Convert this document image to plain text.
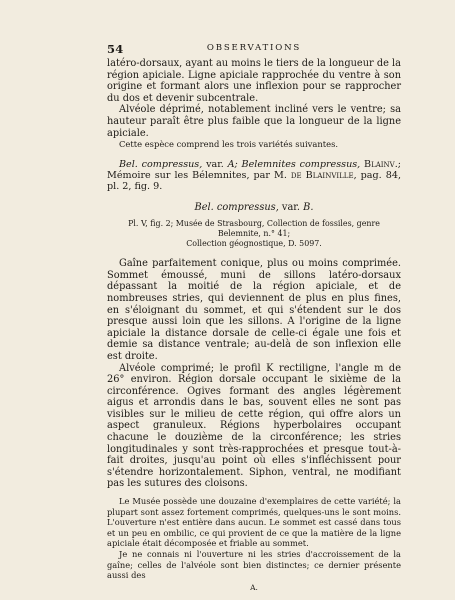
54	OBSERVATIONS

latéro-dorsaux, ayant au moins le tiers de la longueur de la région apiciale. Ligne apiciale rapprochée du ventre à son origine et formant alors une inflexion pour se rapprocher du dos et devenir subcentrale.

Alvéole déprimé, notablement incliné vers le ventre; sa hauteur paraît être plus faible que la longueur de la ligne apiciale.

Cette espèce comprend les trois variétés suivantes.

Bel. compressus, var. A; Belemnites compressus, Blainv.; Mémoire sur les Bélemnites, par M. de Blainville, pag. 84, pl. 2, fig. 9.

Bel. compressus, var. B.

Pl. V, fig. 2; Musée de Strasbourg, Collection de fossiles, genre Belemnite, n.° 41;

Collection géognostique, D. 5097.

Gaîne parfaitement conique, plus ou moins comprimée. Sommet émoussé, muni de sillons latéro-dorsaux dépassant la moitié de la région apiciale, et de nombreuses stries, qui deviennent de plus en plus fines, en s'éloignant du sommet, et qui s'étendent sur le dos presque aussi loin que les sillons. A l'origine de la ligne apiciale la distance dorsale de celle-ci égale une fois et demie sa distance ventrale; au-delà de son inflexion elle est droite.

Alvéole comprimé; le profil K rectiligne, l'angle m de 26° environ. Région dorsale occupant le sixième de la circonférence. Ogives formant des angles légèrement aigus et arrondis dans le bas, souvent elles ne sont pas visibles sur le milieu de cette région, qui offre alors un aspect granuleux. Régions hyperbolaires occupant chacune le douzième de la circonférence; les stries longitudinales y sont très-rapprochées et presque tout-à-fait droites, jusqu'au point où elles s'infléchissent pour s'étendre horizontalement. Siphon, ventral, ne modifiant pas les sutures des cloisons.

Le Musée possède une douzaine d'exemplaires de cette variété; la plupart sont assez fortement comprimés, quelques-uns le sont moins. L'ouverture n'est entière dans aucun. Le sommet est cassé dans tous et un peu en ombilic, ce qui provient de ce que la matière de la ligne apiciale était décomposée et friable au sommet.

Je ne connais ni l'ouverture ni les stries d'accroissement de la gaîne; celles de l'alvéole sont bien distinctes; ce dernier présente aussi des

A.
